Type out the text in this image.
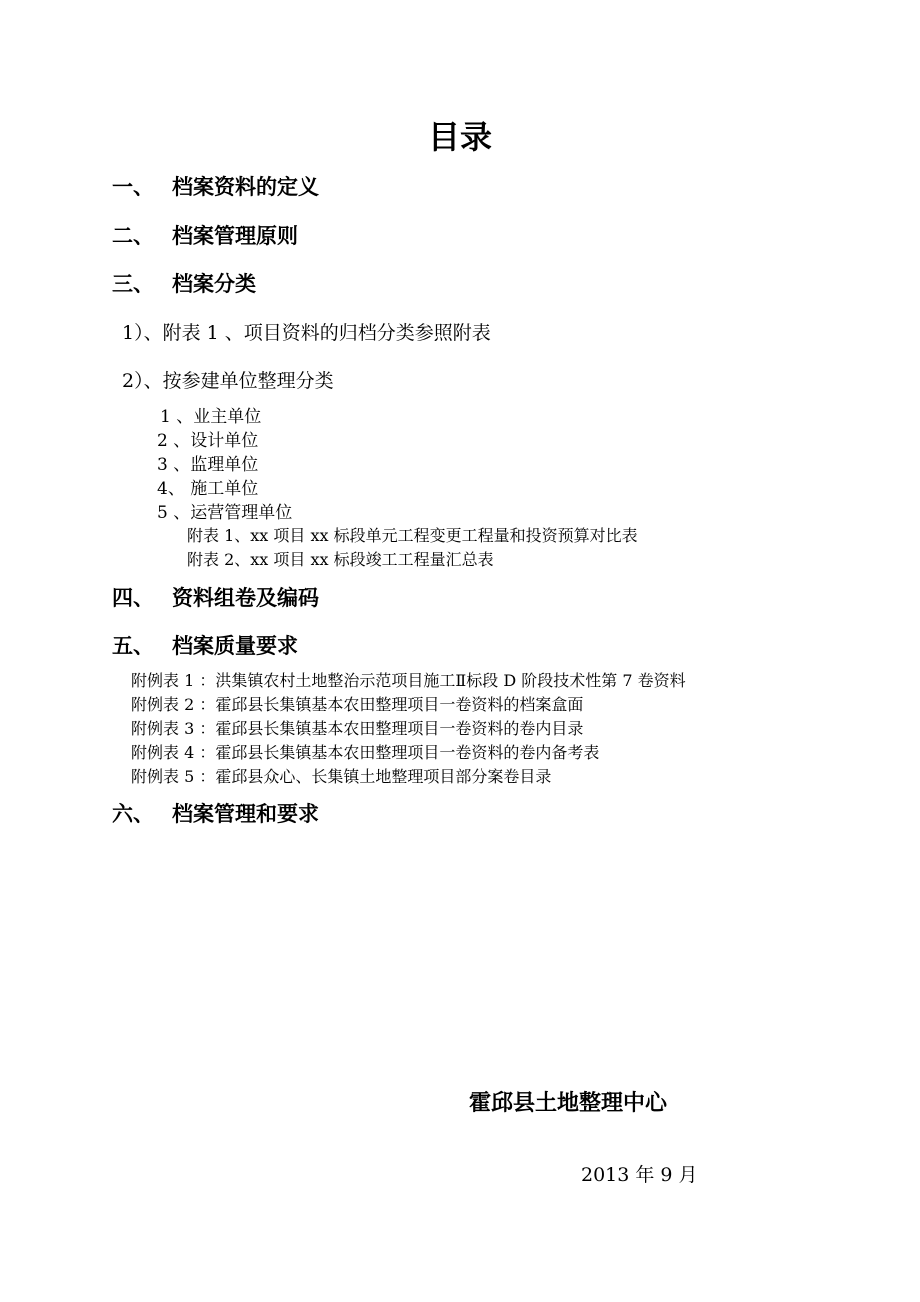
目录
一、 档案资料的定义
二、 档案管理原则
三、 档案分类
1）、附表 1 、项目资料的归档分类参照附表
2）、按参建单位整理分类
1 、业主单位
2 、设计单位
3 、监理单位
4、 施工单位
5 、运营管理单位
附表 1、xx 项目 xx 标段单元工程变更工程量和投资预算对比表
附表 2、xx 项目 xx 标段竣工工程量汇总表
四、 资料组卷及编码
五、 档案质量要求
附例表 1 ：洪集镇农村土地整治示范项目施工Ⅱ标段 D 阶段技术性第 7 卷资料
附例表 2 ：霍邱县长集镇基本农田整理项目一卷资料的档案盒面
附例表 3 ：霍邱县长集镇基本农田整理项目一卷资料的卷内目录
附例表 4 ：霍邱县长集镇基本农田整理项目一卷资料的卷内备考表
附例表 5 ：霍邱县众心、长集镇土地整理项目部分案卷目录
六、 档案管理和要求
霍邱县土地整理中心
2013 年 9 月
